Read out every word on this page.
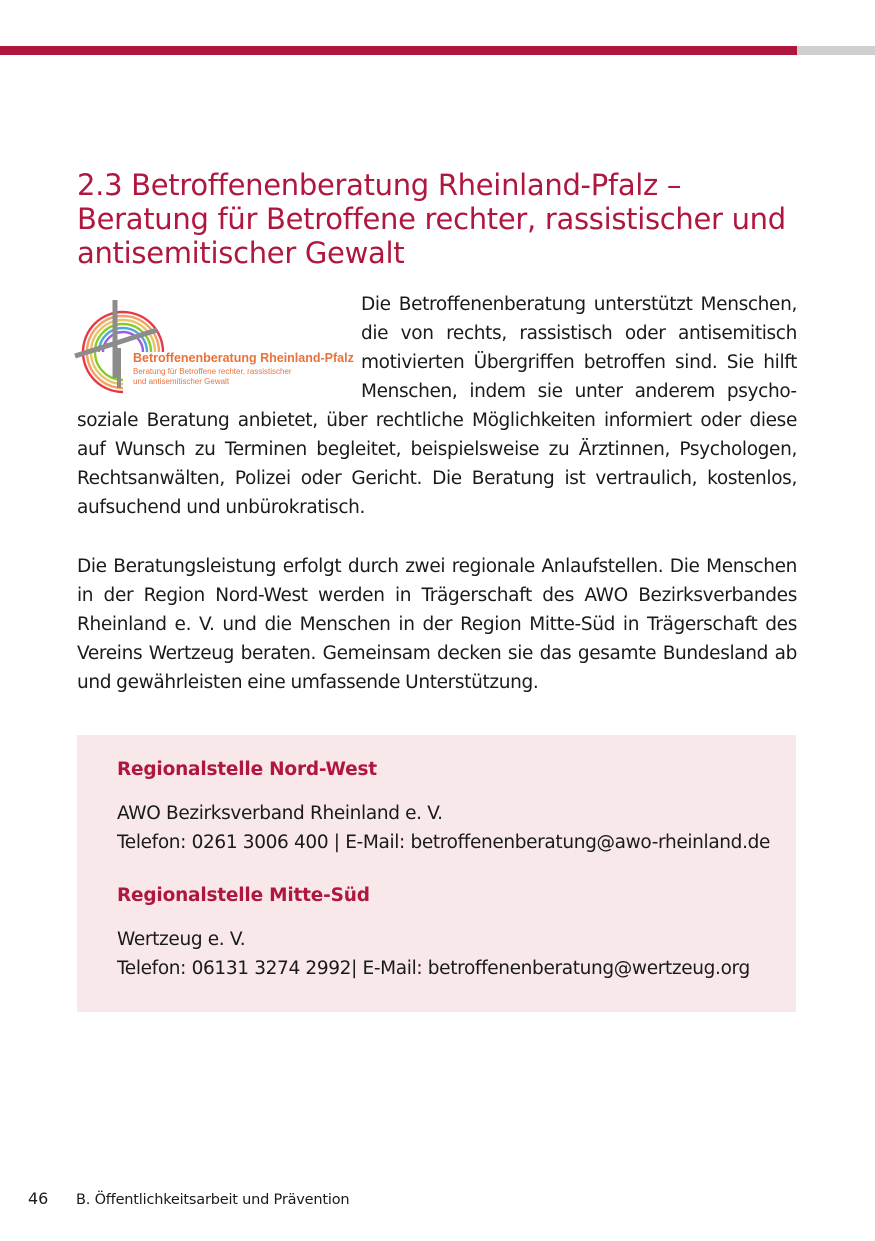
2.3 Betroffenenberatung Rheinland-Pfalz – Beratung für Betroffene rechter, rassistischer und antisemitischer Gewalt
Betroffenenberatung Rheinland-Pfalz
Beratung für Betroffene rechter, rassistischer
und antisemitischer Gewalt

Die Betroffenenberatung unterstützt Menschen, die von rechts, rassistisch oder antisemitisch motivierten Übergriffen betroffen sind. Sie hilft Menschen, indem sie unter anderem psychosoziale Beratung anbietet, über rechtliche Möglichkeiten informiert oder diese auf Wunsch zu Terminen begleitet, beispielsweise zu Ärztinnen, Psychologen, Rechtsanwälten, Polizei oder Gericht. Die Beratung ist vertraulich, kostenlos, aufsuchend und unbürokratisch.

Die Beratungsleistung erfolgt durch zwei regionale Anlaufstellen. Die Menschen in der Region Nord-West werden in Trägerschaft des AWO Bezirksverbandes Rheinland e. V. und die Menschen in der Region Mitte-Süd in Trägerschaft des Vereins Wertzeug beraten. Gemeinsam decken sie das gesamte Bundesland ab und gewährleisten eine umfassende Unterstützung.

Regionalstelle Nord-West
AWO Bezirksverband Rheinland e. V.
Telefon: 0261 3006 400 | E-Mail: betroffenenberatung@awo-rheinland.de
Regionalstelle Mitte-Süd
Wertzeug e. V.
Telefon: 06131 3274 2992| E-Mail: betroffenenberatung@wertzeug.org
46 B. Öffentlichkeitsarbeit und Prävention
